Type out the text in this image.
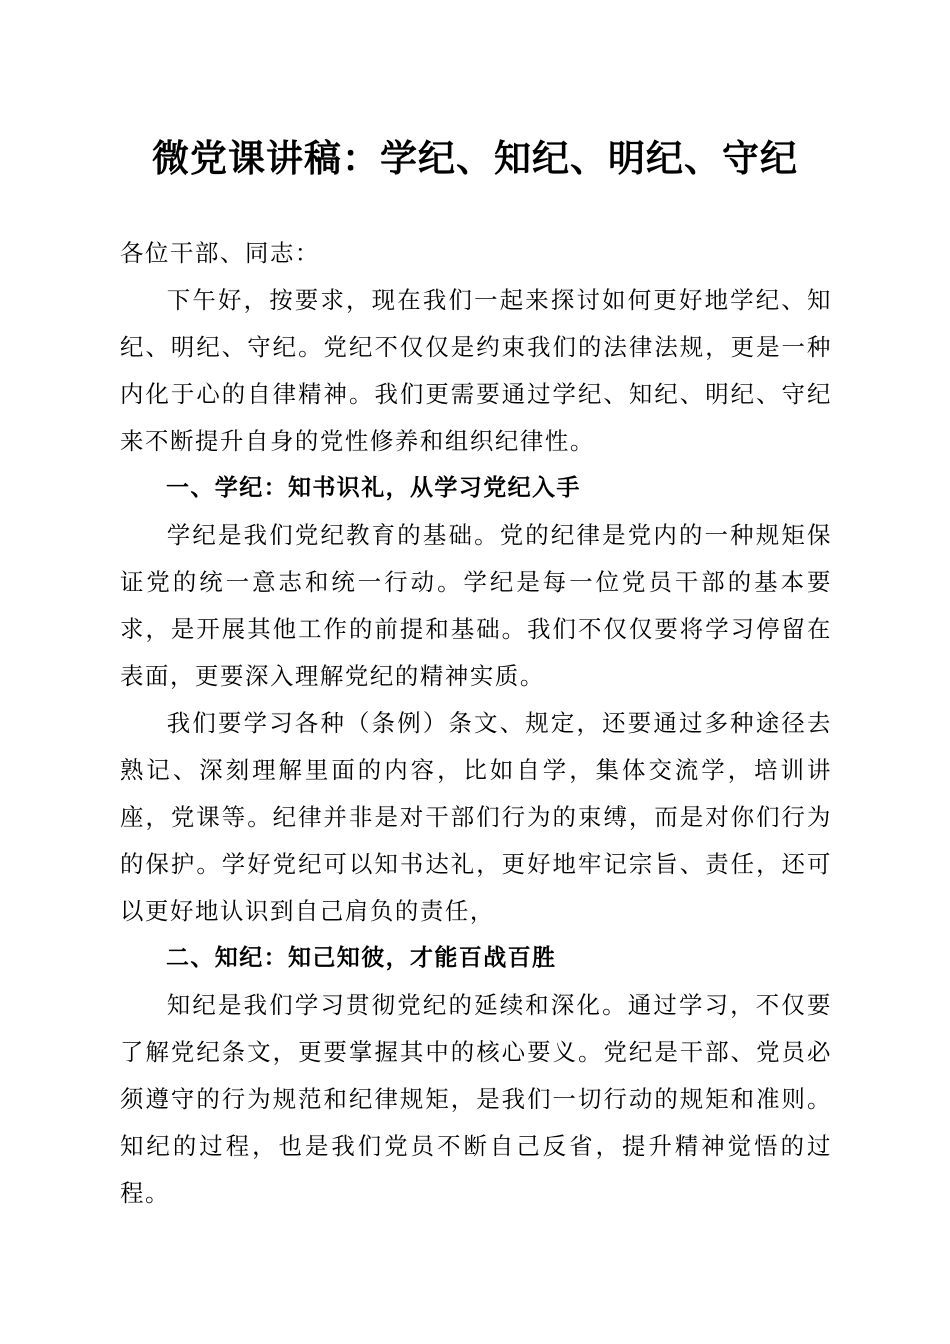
微党课讲稿：学纪、知纪、明纪、守纪

各位干部、同志：

下午好，按要求，现在我们一起来探讨如何更好地学纪、知纪、明纪、守纪。党纪不仅仅是约束我们的法律法规，更是一种内化于心的自律精神。我们更需要通过学纪、知纪、明纪、守纪来不断提升自身的党性修养和组织纪律性。

一、学纪：知书识礼，从学习党纪入手

学纪是我们党纪教育的基础。党的纪律是党内的一种规矩保证党的统一意志和统一行动。学纪是每一位党员干部的基本要求，是开展其他工作的前提和基础。我们不仅仅要将学习停留在表面，更要深入理解党纪的精神实质。

我们要学习各种（条例）条文、规定，还要通过多种途径去熟记、深刻理解里面的内容，比如自学，集体交流学，培训讲座，党课等。纪律并非是对干部们行为的束缚，而是对你们行为的保护。学好党纪可以知书达礼，更好地牢记宗旨、责任，还可以更好地认识到自己肩负的责任，

二、知纪：知己知彼，才能百战百胜

知纪是我们学习贯彻党纪的延续和深化。通过学习，不仅要了解党纪条文，更要掌握其中的核心要义。党纪是干部、党员必须遵守的行为规范和纪律规矩，是我们一切行动的规矩和准则。知纪的过程，也是我们党员不断自己反省，提升精神觉悟的过程。
